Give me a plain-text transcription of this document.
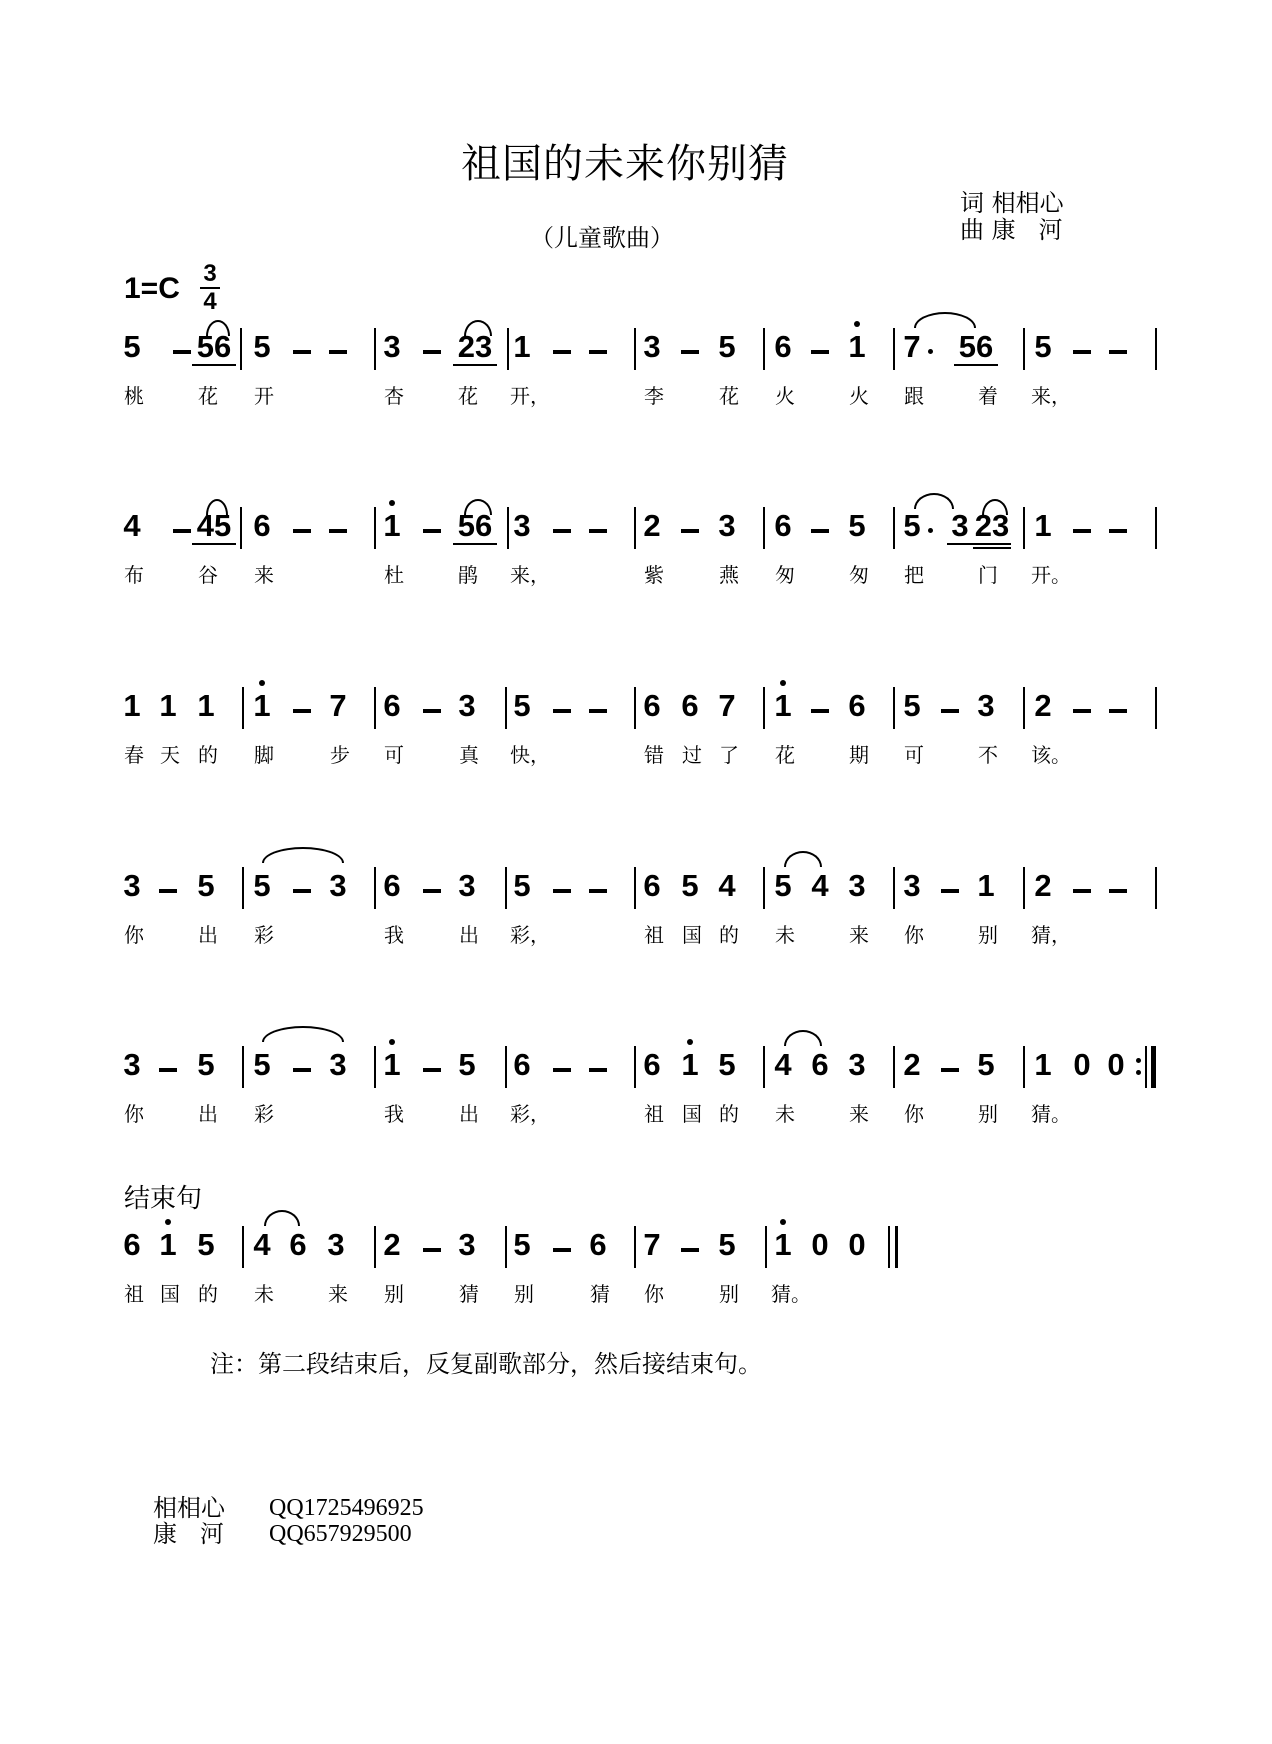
祖国的未来你别猜
（儿童歌曲）
词 相相心
曲 康   河
1=C 3
4
5 56 5	3 23 1	3 5 6 1 7 56 5
桃	花 开	杏	花 开，	李	花 火	火 跟	着 来，
4 45 6	1 56 3	2 3 6 5 5 3 23 1
布	谷 来	杜	鹃 来，	紫	燕 匆	匆 把	门 开。
1 1 1 1 7 6 3 5	6 6 7 1 6 5 3 2
春 天 的 脚	步 可	真 快，	错 过 了 花	期 可	不 该。
3 5 5 3 6 3 5	6 5 4 5 4 3 3 1 2
你	出 彩	我	出 彩，	祖 国 的 未	来 你	别 猜，
3 5 5 3 1 5 6	6 1 5 4 6 3 2 5 1 0 0
你	出 彩	我	出 彩，	祖 国 的 未	来 你	别 猜。
结束句
6 1 5 4 6 3 2 3 5 6 7 5 1 0 0
祖 国 的 未	来 别	猜 别	猜 你	别 猜。
注：第二段结束后，反复副歌部分，然后接结束句。
相相心	QQ1725496925
康   河	QQ657929500
